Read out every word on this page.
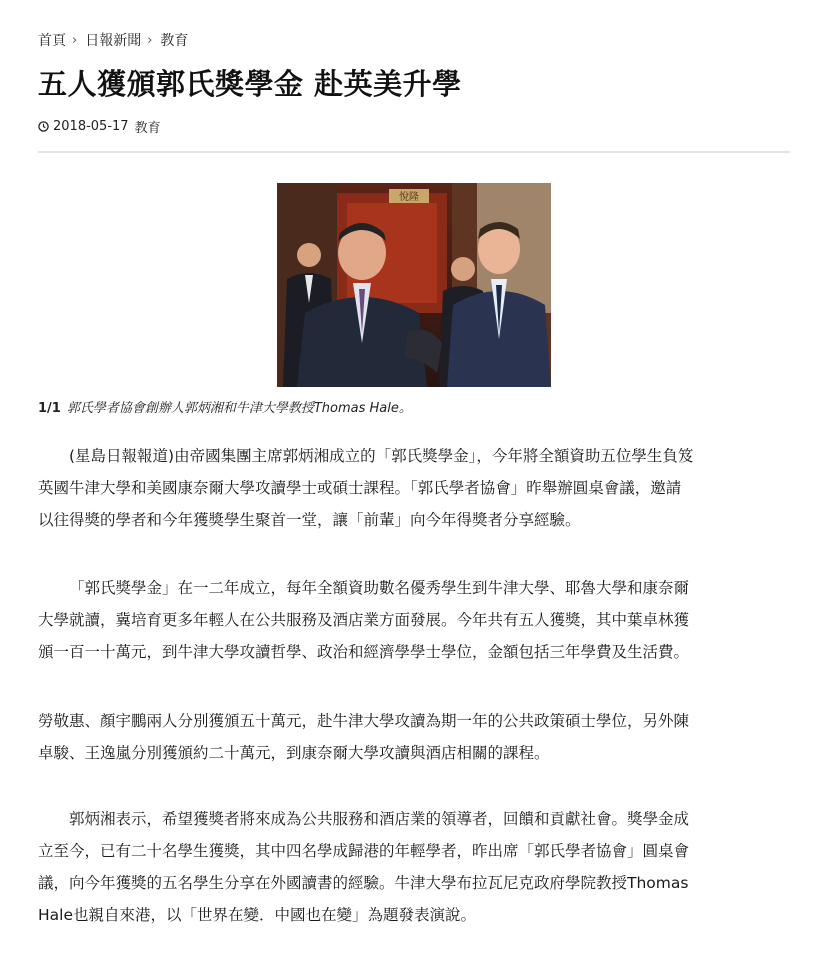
首頁 › 日報新聞 › 教育
五人獲頒郭氏獎學金 赴英美升學
2018-05-17 教育
悅隆
1/1 郭氏學者協會創辦人郭炳湘和牛津大學教授Thomas Hale。

(星島日報報道)由帝國集團主席郭炳湘成立的「郭氏獎學金」，今年將全額資助五位學生負笈
英國牛津大學和美國康奈爾大學攻讀學士或碩士課程。「郭氏學者協會」昨舉辦圓桌會議，邀請
以往得獎的學者和今年獲獎學生聚首一堂，讓「前輩」向今年得獎者分享經驗。

「郭氏獎學金」在一二年成立，每年全額資助數名優秀學生到牛津大學、耶魯大學和康奈爾
大學就讀，冀培育更多年輕人在公共服務及酒店業方面發展。今年共有五人獲獎，其中葉卓林獲
頒一百一十萬元，到牛津大學攻讀哲學、政治和經濟學學士學位，金額包括三年學費及生活費。

勞敬惠、顏宇鵬兩人分別獲頒五十萬元，赴牛津大學攻讀為期一年的公共政策碩士學位，另外陳
卓駿、王逸嵐分別獲頒約二十萬元，到康奈爾大學攻讀與酒店相關的課程。

郭炳湘表示，希望獲獎者將來成為公共服務和酒店業的領導者，回饋和貢獻社會。獎學金成
立至今，已有二十名學生獲獎，其中四名學成歸港的年輕學者，昨出席「郭氏學者協會」圓桌會
議，向今年獲獎的五名學生分享在外國讀書的經驗。牛津大學布拉瓦尼克政府學院教授Thomas
Hale也親自來港，以「世界在變．中國也在變」為題發表演說。
